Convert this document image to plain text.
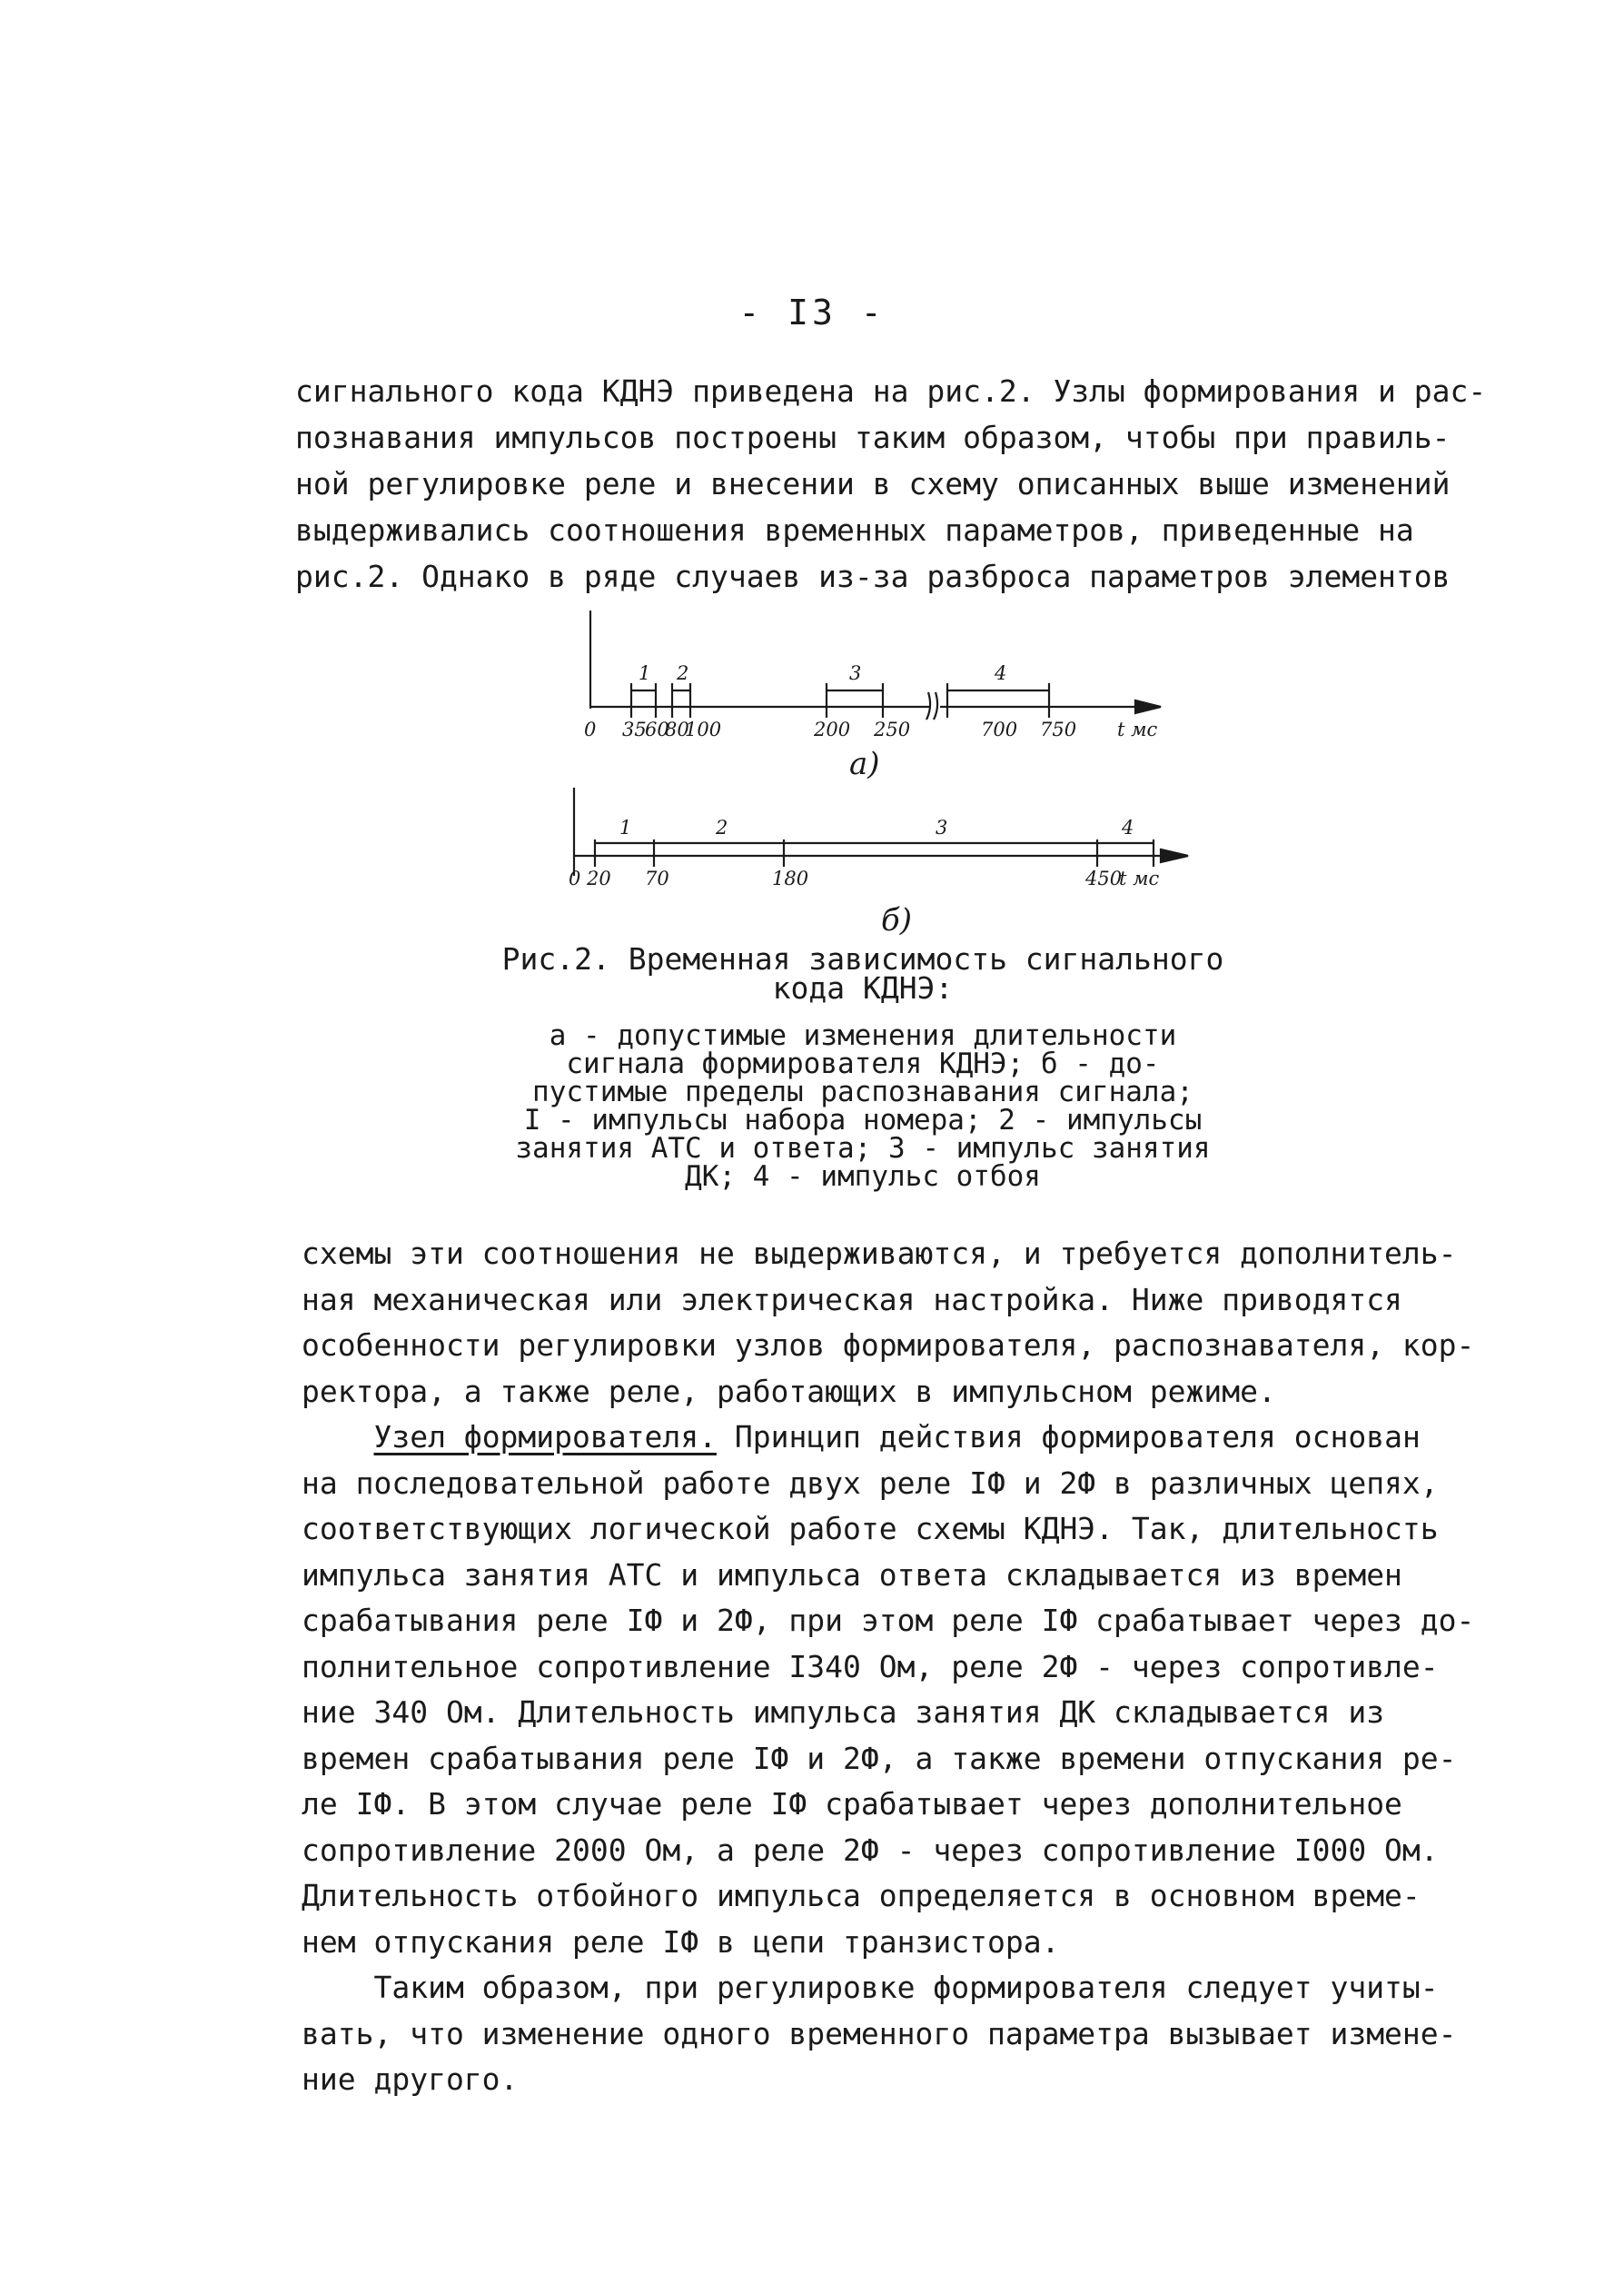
- I3 -
сигнального кода КДНЭ приведена на рис.2. Узлы формирования и рас-
познавания импульсов построены таким образом, чтобы при правиль-
ной регулировке реле и внесении в схему описанных выше изменений
выдерживались соотношения временных параметров, приведенные на
рис.2. Однако в ряде случаев из-за разброса параметров элементов
1 2	3	4
0 35
60
80
100	200 250	700 750 t мс
а)
1	2	3	4
0 20 70	180	450
t мс
б)
Рис.2. Временная зависимость сигнального
кода КДНЭ:
а - допустимые изменения длительности
сигнала формирователя КДНЭ; б - до-
пустимые пределы распознавания сигнала;
I - импульсы набора номера; 2 - импульсы
занятия АТС и ответа; 3 - импульс занятия
ДК; 4 - импульс отбоя
схемы эти соотношения не выдерживаются, и требуется дополнитель-
ная механическая или электрическая настройка. Ниже приводятся
особенности регулировки узлов формирователя, распознавателя, кор-
ректора, а также реле, работающих в импульсном режиме.
Узел формирователя. Принцип действия формирователя основан
на последовательной работе двух реле IФ и 2Ф в различных цепях,
соответствующих логической работе схемы КДНЭ. Так, длительность
импульса занятия АТС и импульса ответа складывается из времен
срабатывания реле IФ и 2Ф, при этом реле IФ срабатывает через до-
полнительное сопротивление I340 Ом, реле 2Ф - через сопротивле-
ние 340 Ом. Длительность импульса занятия ДК складывается из
времен срабатывания реле IФ и 2Ф, а также времени отпускания ре-
ле IФ. В этом случае реле IФ срабатывает через дополнительное
сопротивление 2000 Ом, а реле 2Ф - через сопротивление I000 Ом.
Длительность отбойного импульса определяется в основном време-
нем отпускания реле IФ в цепи транзистора.
Таким образом, при регулировке формирователя следует учиты-
вать, что изменение одного временного параметра вызывает измене-
ние другого.
